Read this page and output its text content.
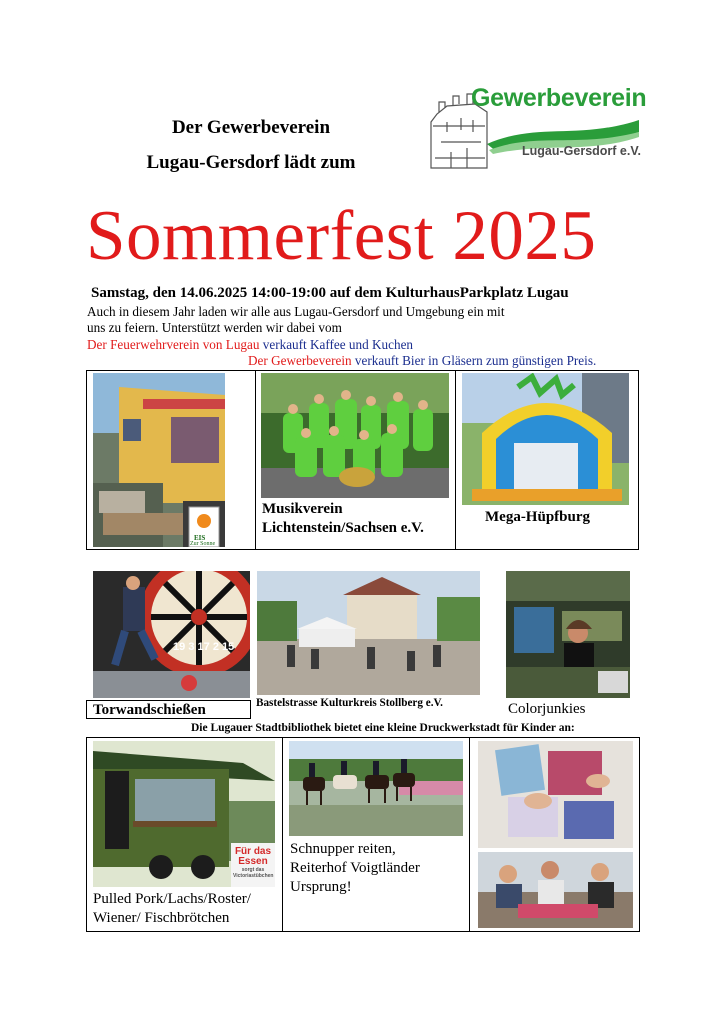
Der Gewerbeverein
Lugau-Gersdorf lädt zum
Gewerbeverein
Lugau-Gersdorf e.V.
Sommerfest 2025
Samstag, den 14.06.2025 14:00-19:00 auf dem KulturhausParkplatz Lugau
Auch in diesem Jahr laden wir alle aus Lugau-Gersdorf und Umgebung ein mit
uns zu feiern. Unterstützt werden wir dabei vom
Der Feuerwehrverein von Lugau verkauft Kaffee und Kuchen
Der Gewerbeverein verkauft Bier in Gläsern zum günstigen Preis.
EIS
Zur Sonne
Musikverein
Lichtenstein/Sachsen e.V.
Mega-Hüpfburg
19 3 17 2 15
Torwandschießen	Bastelstrasse Kulturkreis Stollberg e.V.	Colorjunkies
Die Lugauer Stadtbibliothek bietet eine kleine Druckwerkstadt für Kinder an:
Für das
Essen
sorgt das
Victoriastübchen
Pulled Pork/Lachs/Roster/
Wiener/ Fischbrötchen
Schnupper reiten,
Reiterhof Voigtländer
Ursprung!
